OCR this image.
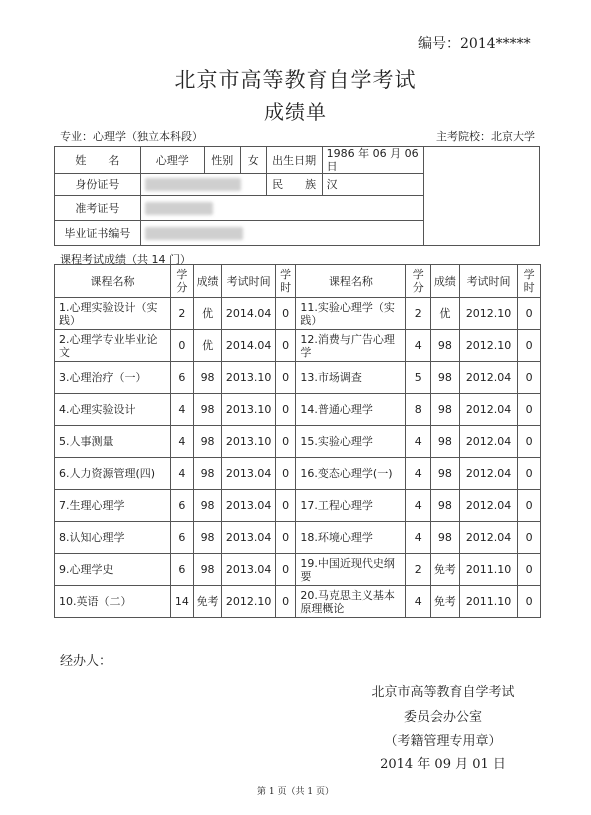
编号：2014*****
北京市高等教育自学考试
成绩单
专业：心理学（独立本科段）	主考院校：北京大学
姓　　名	心理学	性别	女	出生日期	1986 年 06 月 06 日	
身份证号				民　　族	汉	
准考证号						
毕业证书编号						
课程考试成绩（共 14 门）
课程名称	学分	成绩	考试时间	学时	课程名称	学分	成绩	考试时间	学时
1.心理实验设计（实践）	2	优	2014.04	0	11.实验心理学（实践）	2	优	2012.10	0
2.心理学专业毕业论文	0	优	2014.04	0	12.消费与广告心理学	4	98	2012.10	0
3.心理治疗（一）	6	98	2013.10	0	13.市场调查	5	98	2012.04	0
4.心理实验设计	4	98	2013.10	0	14.普通心理学	8	98	2012.04	0
5.人事测量	4	98	2013.10	0	15.实验心理学	4	98	2012.04	0
6.人力资源管理(四)	4	98	2013.04	0	16.变态心理学(一)	4	98	2012.04	0
7.生理心理学	6	98	2013.04	0	17.工程心理学	4	98	2012.04	0
8.认知心理学	6	98	2013.04	0	18.环境心理学	4	98	2012.04	0
9.心理学史	6	98	2013.04	0	19.中国近现代史纲要	2	免考	2011.10	0
10.英语（二）	14	免考	2012.10	0	20.马克思主义基本原理概论	4	免考	2011.10	0
经办人：
北京市高等教育自学考试
委员会办公室
（考籍管理专用章）
2014 年 09 月 01 日
第 1 页（共 1 页）
